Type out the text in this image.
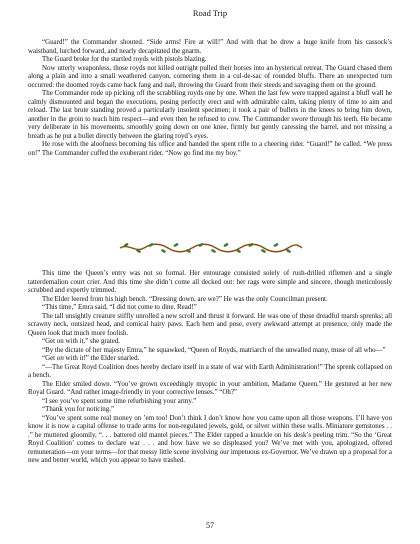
Road Trip

“Guard!” the Commander shouted. “Side arms! Fire at will!” And with that he drew a huge knife from his cassock’s waistband, lurched forward, and nearly decapitated the gnarm.

The Guard broke for the startled royds with pistols blazing.

Now utterly weaponless, those royds not killed outright pulled their horses into an hysterical retreat. The Guard chased them along a plain and into a small weathered canyon, cornering them in a cul-de-sac of rounded bluffs. There an unexpected turn occurred: the doomed royds came back fang and nail, throwing the Guard from their steeds and savaging them on the ground.

The Commander rode up picking off the scrabbling royds one by one. When the last few were trapped against a bluff wall he calmly dismounted and began the executions, posing perfectly erect and with admirable calm, taking plenty of time to aim and reload. The last brute standing proved a particularly insolent specimen; it took a pair of bullets in the knees to bring him down, another in the groin to teach him respect—and even then he refused to cow. The Commander swore through his teeth. He became very deliberate in his movements, smoothly going down on one knee, firmly but gently caressing the barrel, and not missing a breath as he put a bullet directly between the glaring royd’s eyes.

He rose with the aloofness becoming his office and handed the spent rifle to a cheering rider. “Guard!” he called. “We press on!” The Commander cuffed the exuberant rider. “Now go find me my boy.”

This time the Queen’s entry was not so formal. Her entourage consisted solely of rush-drilled riflemen and a single tatterdemalion court crier. And this time she didn’t come all decked out: her rags were simple and sincere, though meticulously scrubbed and expertly trimmed.

The Elder leered from his high bench. “Dressing down, are we?” He was the only Councilman present.

“This time,” Emra said, “I did not come to dine. Read!”

The tall unsightly creature stiffly unrolled a new scroll and thrust it forward. He was one of those dreadful marsh sprenks; all scrawny neck, outsized head, and comical hairy paws. Each hem and pose, every awkward attempt at presence, only made the Queen look that much more foolish.

“Get on with it,” she grated.

“By the dictate of her majesty Emra,” he squawked, “Queen of Royds, matriarch of the unwalled many, muse of all who—”

“Get on with it!” the Elder snarled.

“—The Great Royd Coalition does hereby declare itself in a state of war with Earth Administration!” The sprenk collapsed on a bench.

The Elder smiled down. “You’ve grown exceedingly myopic in your ambition, Madame Queen.” He gestured at her new Royal Guard. “And rather image-friendly in your corrective lenses.” “Oh?”

“I see you’ve spent some time refurbishing your army.”

“Thank you for noticing.”

“You’ve spent some real money on ’em too! Don’t think I don’t know how you came upon all those weapons. I’ll have you know it is now a capital offense to trade arms for non-regulated jewels, gold, or silver within these walls. Miniature gemstones . . .” he muttered gloomily, “. . . battered old mantel pieces.” The Elder rapped a knuckle on his desk’s peeling trim. “So the ‘Great Royd Coalition’ comes to declare war . . . and how have we so displeased you? We’ve met with you, apologized, offered remuneration—on your terms—for that messy little scene involving our impetuous ex-Governor. We’ve drawn up a proposal for a new and better world, which you appear to have trashed.

57
